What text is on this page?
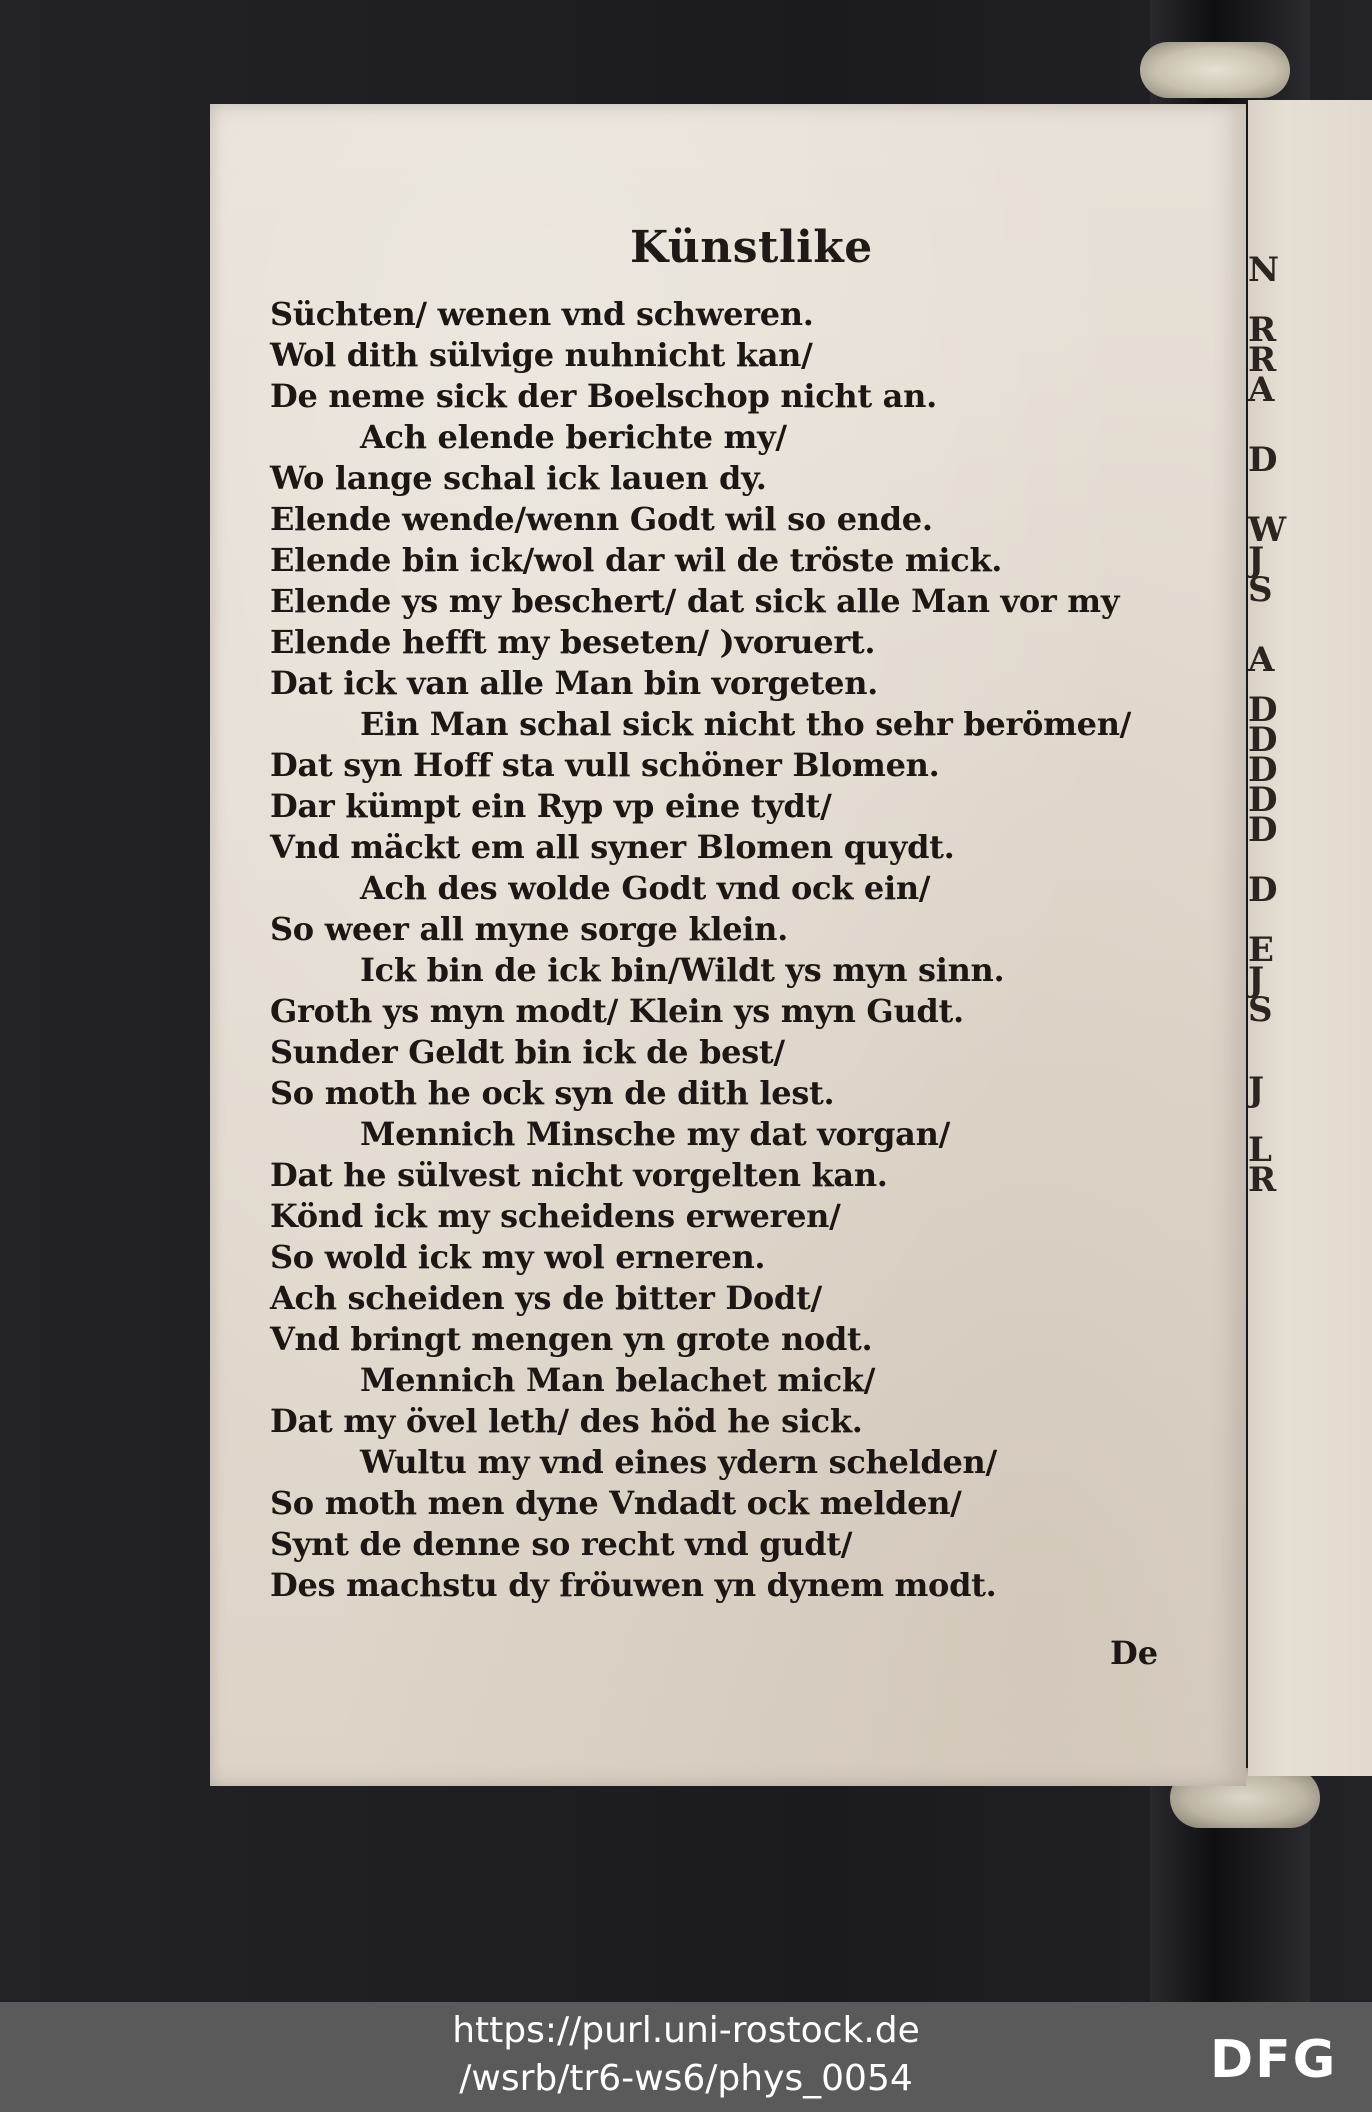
N
R
R
A
D
W
J
S
A
D
D
D
D
D
D
E
J
S
J
L
R
Künstlike
Süchten/ wenen vnd schweren.
Wol dith sülvige nuhnicht kan/
De neme sick der Boelschop nicht an.
Ach elende berichte my/
Wo lange schal ick lauen dy.
Elende wende/wenn Godt wil so ende.
Elende bin ick/wol dar wil de tröste mick.
Elende ys my beschert/ dat sick alle Man vor my
Elende hefft my beseten/ )voruert.
Dat ick van alle Man bin vorgeten.
Ein Man schal sick nicht tho sehr berömen/
Dat syn Hoff sta vull schöner Blomen.
Dar kümpt ein Ryp vp eine tydt/
Vnd mäckt em all syner Blomen quydt.
Ach des wolde Godt vnd ock ein/
So weer all myne sorge klein.
Ick bin de ick bin/Wildt ys myn sinn.
Groth ys myn modt/ Klein ys myn Gudt.
Sunder Geldt bin ick de best/
So moth he ock syn de dith lest.
Mennich Minsche my dat vorgan/
Dat he sülvest nicht vorgelten kan.
Könd ick my scheidens erweren/
So wold ick my wol erneren.
Ach scheiden ys de bitter Dodt/
Vnd bringt mengen yn grote nodt.
Mennich Man belachet mick/
Dat my övel leth/ des höd he sick.
Wultu my vnd eines ydern schelden/
So moth men dyne Vndadt ock melden/
Synt de denne so recht vnd gudt/
Des machstu dy fröuwen yn dynem modt.
De
https://purl.uni-rostock.de
/wsrb/tr6-ws6/phys_0054	DFG
